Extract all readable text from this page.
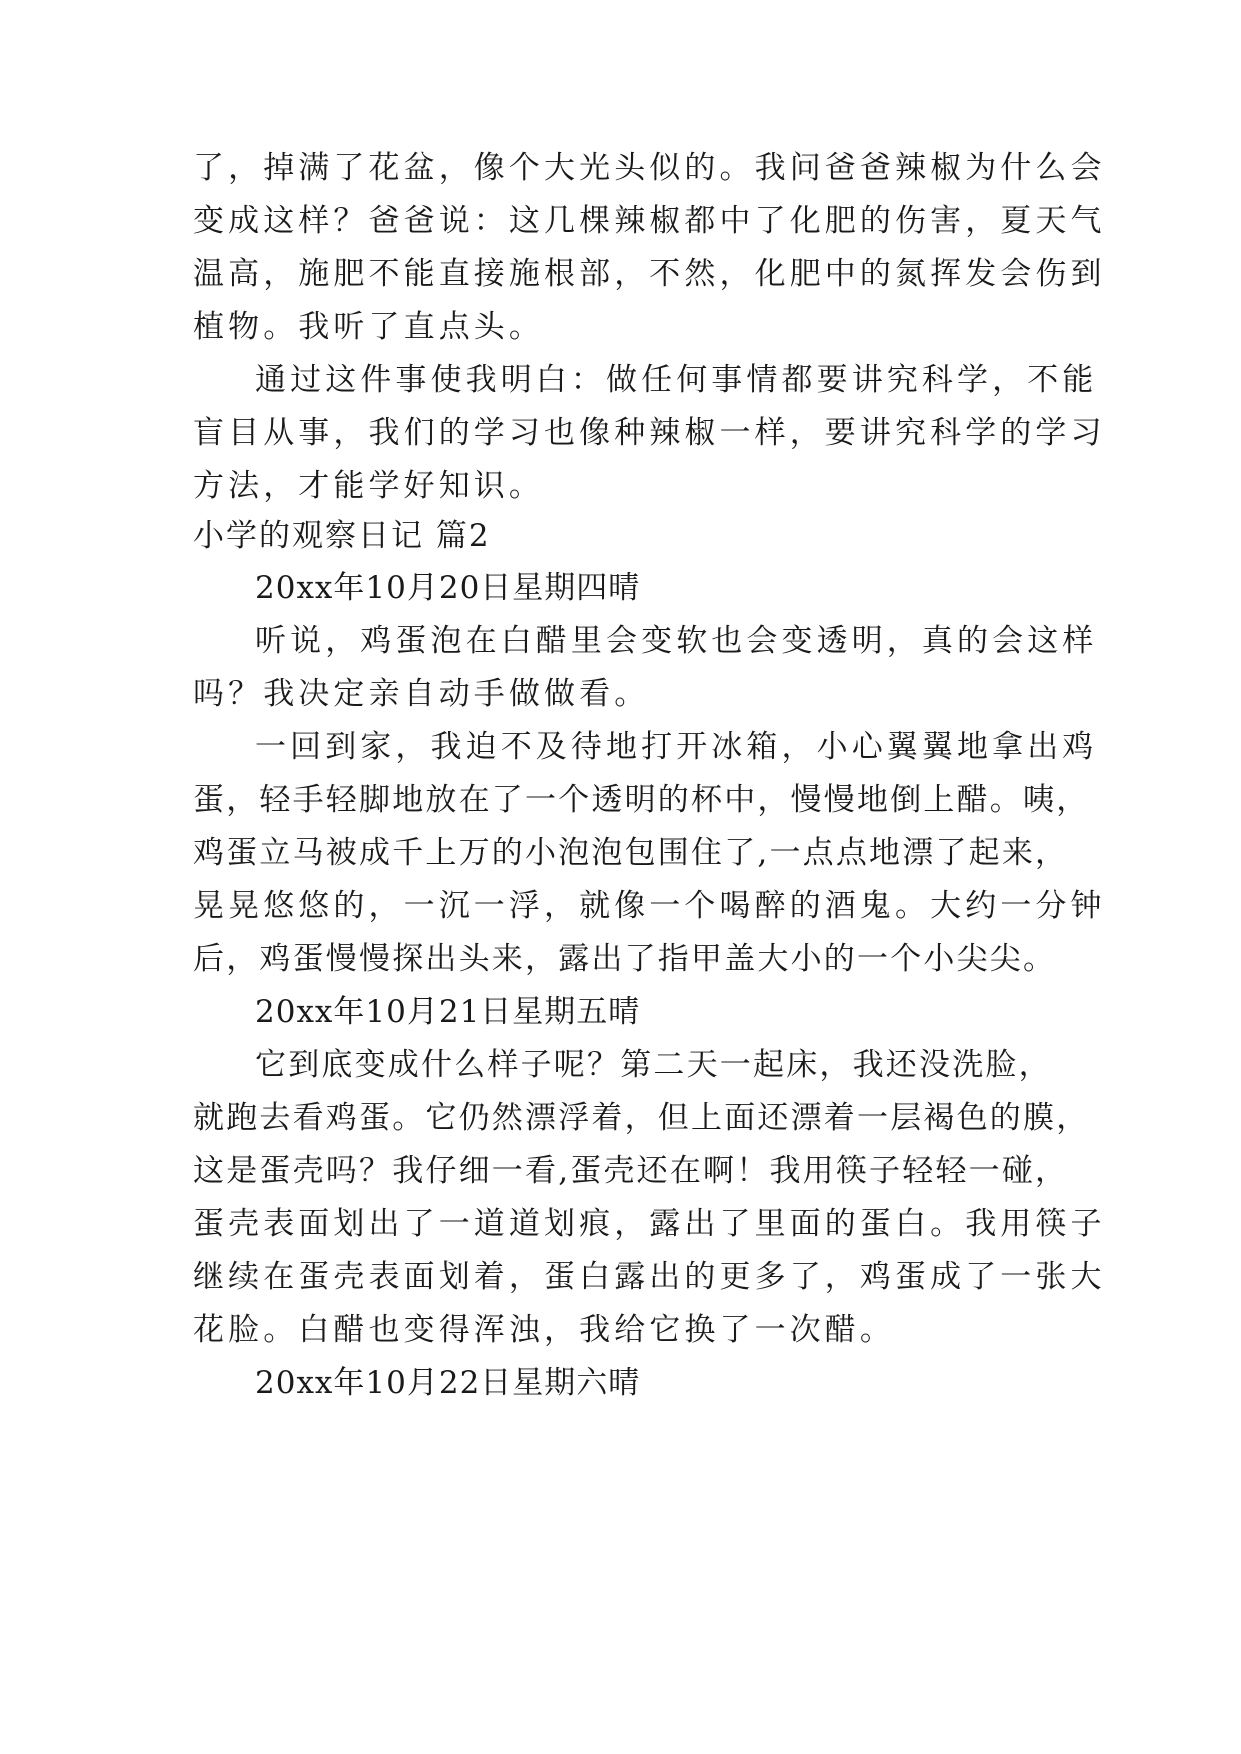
了，掉满了花盆，像个大光头似的。我问爸爸辣椒为什么会
变成这样？爸爸说：这几棵辣椒都中了化肥的伤害，夏天气
温高，施肥不能直接施根部，不然，化肥中的氮挥发会伤到
植物。我听了直点头。
通过这件事使我明白：做任何事情都要讲究科学，不能
盲目从事，我们的学习也像种辣椒一样，要讲究科学的学习
方法，才能学好知识。
小学的观察日记 篇2
20xx年10月20日星期四晴
听说，鸡蛋泡在白醋里会变软也会变透明，真的会这样
吗？我决定亲自动手做做看。
一回到家，我迫不及待地打开冰箱，小心翼翼地拿出鸡
蛋，轻手轻脚地放在了一个透明的杯中，慢慢地倒上醋。咦，
鸡蛋立马被成千上万的小泡泡包围住了,一点点地漂了起来，
晃晃悠悠的，一沉一浮，就像一个喝醉的酒鬼。大约一分钟
后，鸡蛋慢慢探出头来，露出了指甲盖大小的一个小尖尖。
20xx年10月21日星期五晴
它到底变成什么样子呢？第二天一起床，我还没洗脸，
就跑去看鸡蛋。它仍然漂浮着，但上面还漂着一层褐色的膜，
这是蛋壳吗？我仔细一看,蛋壳还在啊！我用筷子轻轻一碰，
蛋壳表面划出了一道道划痕，露出了里面的蛋白。我用筷子
继续在蛋壳表面划着，蛋白露出的更多了，鸡蛋成了一张大
花脸。白醋也变得浑浊，我给它换了一次醋。
20xx年10月22日星期六晴
